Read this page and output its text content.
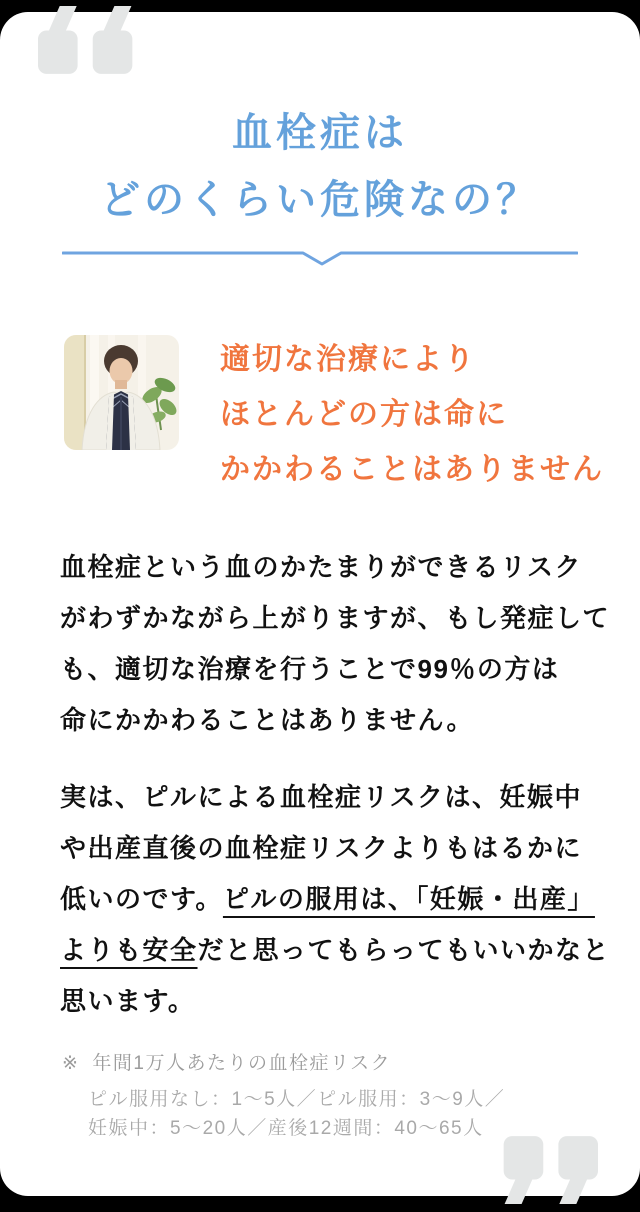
血栓症は
どのくらい危険なの？
適切な治療により
ほとんどの方は命に
かかわることはありません
血栓症という血のかたまりができるリスク
がわずかながら上がりますが、もし発症して
も、適切な治療を行うことで99％の方は
命にかかわることはありません。
実は、ピルによる血栓症リスクは、妊娠中
や出産直後の血栓症リスクよりもはるかに
低いのです。ピルの服用は、「妊娠・出産」
よりも安全だと思ってもらってもいいかなと
思います。
※ 年間1万人あたりの血栓症リスク
ピル服用なし：1〜5人／ピル服用：3〜9人／
妊娠中：5〜20人／産後12週間：40〜65人
